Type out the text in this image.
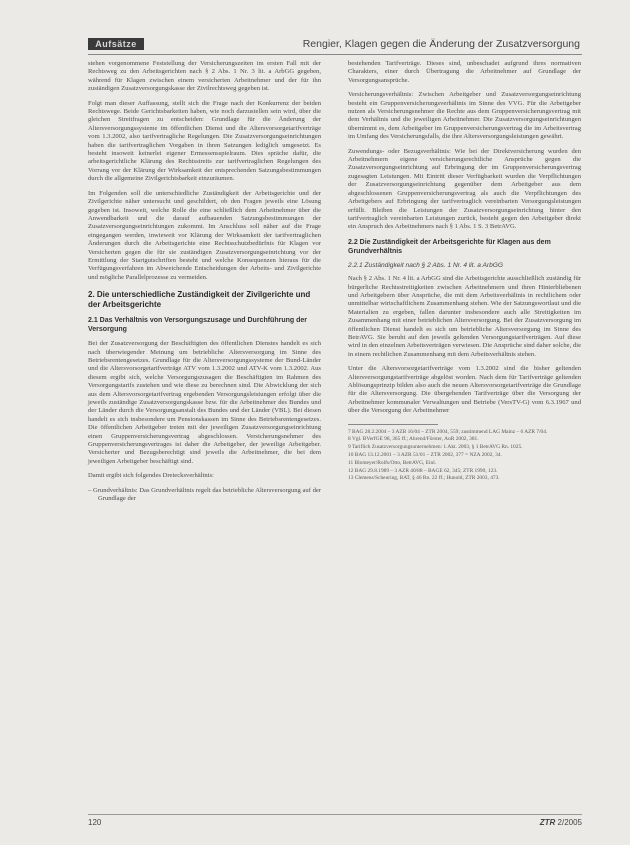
Aufsätze	Rengier, Klagen gegen die Änderung der Zusatzversorgung

stehen vorgenommene Feststellung der Versicherungszeiten im ersten Fall mit der Rechtsweg zu den Arbeitsgerichten nach § 2 Abs. 1 Nr. 3 lit. a ArbGG gegeben, während für Klagen zwischen einem versicherten Arbeitnehmer und der für ihn zuständigen Zusatzversorgungskasse der Zivilrechtsweg gegeben ist.

Folgt man dieser Auffassung, stellt sich die Frage nach der Konkurrenz der beiden Rechtswege. Beide Gerichtsbarkeiten haben, wie noch darzustellen sein wird, über die gleichen Streitfragen zu entscheiden: Grundlage für die Änderung der Altersversorgungssysteme im öffentlichen Dienst und die Altersvorsorgetarifverträge vom 1.3.2002, also tarifvertragliche Regelungen. Die Zusatzversorgungseinrichtungen haben die tarifvertraglichen Vorgaben in ihren Satzungen lediglich umgesetzt. Es besteht insoweit keinerlei eigener Ermessensspielraum. Dies spräche dafür, die arbeitsgerichtliche Klärung des Rechtsstreits zur tarifvertraglichen Regelungen des Vorrang vor der Klärung der Wirksamkeit der entsprechenden Satzungsbestimmungen durch die allgemeine Zivilgerichtsbarkeit einzuräumen.

Im Folgenden soll die unterschiedliche Zuständigkeit der Arbeitsgerichte und der Zivilgerichte näher untersucht und geschildert, ob den Fragen jeweils eine Lösung gegeben ist. Insoweit, welche Rolle die eine schließlich dem Arbeitnehmer über die Anwendbarkeit und die darauf aufbauenden Satzungsbestimmungen der Zusatzversorgungseinrichtungen zukommt. Im Anschluss soll näher auf die Frage eingegangen werden, inwieweit vor Klärung der Wirksamkeit der tarifvertraglichen Änderungen durch die Arbeitsgerichte eine Rechtsschutzbedürfnis für Klagen vor Versicherten gegen die für sie zuständigen Zusatzversorgungseinrichtung vor der Ermittlung der Startgutschriften besteht und welche Konsequenzen hieraus für die Verfügungsverfahren im Abweichende Entscheidungen der Arbeits- und Zivilgerichte und mögliche Parallelprozesse zu vermeiden.

2. Die unterschiedliche Zuständigkeit der Zivilgerichte und der Arbeitsgerichte
2.1 Das Verhältnis von Versorgungszusage und Durchführung der Versorgung

Bei der Zusatzversorgung der Beschäftigten des öffentlichen Dienstes handelt es sich nach überwiegender Meinung um betriebliche Altersversorgung im Sinne des Betriebsrentengesetzes. Grundlage für die Altersversorgungssysteme der Bund-Länder und die Altersvorsorgetarifverträge ATV vom 1.3.2002 und ATV-K vom 1.3.2002. Aus diesem ergibt sich, welche Versorgungszusagen die Beschäftigten im Rahmen des Versorgungstarifs zustehen und wie diese zu berechnen sind. Die Abwicklung der sich aus dem Altersvorsorgetarifvertrag ergebenden Versorgungsleistungen erfolgt über die jeweils zuständige Zusatzversorgungskasse bzw. für die Arbeitnehmer des Bundes und der Länder durch die Versorgungsanstalt des Bundes und der Länder (VBL). Bei diesen handelt es sich insbesondere um Pensionskassen im Sinne des Betriebsrentengesetzes. Die öffentlichen Arbeitgeber treten mit der jeweiligen Zusatzversorgungseinrichtung einen Gruppenversicherungsvertrag abgeschlossen. Versicherungsnehmer des Gruppenversicherungsvertrages ist daher die Arbeitgeber, der jeweilige Arbeitgeber. Versicherter und Bezugsberechtigt sind jeweils die Arbeitnehmer, die bei dem jeweiligen Arbeitgeber beschäftigt sind.

Damit ergibt sich folgendes Dreiecksverhältnis:

– Grundverhältnis: Das Grundverhältnis regelt das betriebliche Altersversorgung auf der Grundlage der

bestehenden Tarifverträge. Dieses sind, unbeschadet aufgrund ihres normativen Charakters, einer durch Übertragung die Arbeitnehmer auf Grundlage der Versorgungsansprüche.

Versicherungsverhältnis: Zwischen Arbeitgeber und Zusatzversorgungseinrichtung besteht ein Gruppenversicherungsverhältnis im Sinne des VVG. Für die Arbeitgeber nutzen als Versicherungsnehmer die Rechte aus dem Gruppenversicherungsvertrag mit dem Verhältnis und die jeweiligen Arbeitnehmer. Die Zusatzversorgungseinrichtungen übernimmt es, dem Arbeitgeber im Gruppenversicherungsvertrag die im Arbeitsvertrag im Umfang des Versicherungsfalls, die ihre Altersversorgungsleistungen gewährt.

Zuwendungs- oder Bezugsverhältnis: Wie bei der Direktversicherung wurden den Arbeitnehmern eigene versicherungsrechtliche Ansprüche gegen die Zusatzversorgungseinrichtung auf Erbringung der im Gruppenversicherungsvertrag zugesagten Leistungen. Mit Eintritt dieser Verfügbarkeit wurden die Verpflichtungen der Zusatzversorgungseinrichtung gegenüber dem Arbeitgeber aus dem abgeschlossenen Gruppenversicherungsvertrag als auch die Verpflichtungen des Arbeitgebers auf Erbringung der tarifvertraglich vereinbarten Versorgungsleistungen erfüllt. Bleiben die Leistungen der Zusatzversorgungseinrichtung hinter den tarifvertraglich vereinbarten Leistungen zurück, besteht gegen den Arbeitgeber direkt ein Anspruch des Arbeitnehmers nach § 1 Abs. 1 S. 3 BetrAVG.

2.2 Die Zuständigkeit der Arbeitsgerichte für Klagen aus dem Grundverhältnis
2.2.1 Zuständigkeit nach § 2 Abs. 1 Nr. 4 lit. a ArbGG

Nach § 2 Abs. 1 Nr. 4 lit. a ArbGG sind die Arbeitsgerichte ausschließlich zuständig für bürgerliche Rechtsstreitigkeiten zwischen Arbeitnehmern und ihren Hinterbliebenen und Arbeitgebern über Ansprüche, die mit dem Arbeitsverhältnis in rechtlichem oder unmittelbar wirtschaftlichem Zusammenhang stehen. Wie der Satzungswortlaut und die Materialien zu ergeben, fallen darunter insbesondere auch alle Streitigkeiten im Zusammenhang mit einer betrieblichen Altersversorgung. Bei der Zusatzversorgung im öffentlichen Dienst handelt es sich um betriebliche Altersversorgung im Sinne des BetrAVG. Sie beruht auf den jeweils geltenden Versorgungstarifverträgen. Auf diese wird in den einzelnen Arbeitsverträgen verwiesen. Die Ansprüche sind daher solche, die in einem rechtlichen Zusammenhang mit dem Arbeitsverhältnis stehen.

Unter die Altersvorsorgetarifverträge vom 1.3.2002 sind die bisher geltenden Altersversorgungstarifverträge abgelöst worden. Nach dem für Tarifverträge geltenden Ablösungsprinzip bilden also auch die neuen Altersvorsorgetarifverträge die Grundlage für die Altersversorgung. Die übergehenden Tarifverträge über die Versorgung der Arbeitnehmer kommunaler Verwaltungen und Betriebe (VersTV-G) vom 6.3.1967 und über die Versorgung der Arbeitnehmer

7 BAG 28.2.2004 – 3 AZB 16/04 – ZTR 2004, 559; zustimmend LAG Mainz – 6 AZR 7/04.

8 Vgl. BVerfGE 98, 365 ff.; Ahrend/Förster, AuR 2002, 381.

9 Tariflich Zusatzversorgungsunternehmen: 1.Akt. 2003, § 1 BetrAVG Rn. 1025.

10 BAG 13.12.2001 – 3 AZR 51/01 – ZTR 2002, 377 = NZA 2002, 34.

11 Blomeyer/Rolfs/Otto, BetrAVG, Einl.

12 BAG 29.8.1989 – 3 AZR 40/88 – BAGE 62, 345; ZTR 1990, 123.

13 Clemens/Scheuring, BAT, § 46 Rn. 22 ff.; Hunold, ZTR 2003, 473.

120	ZTR 2/2005
